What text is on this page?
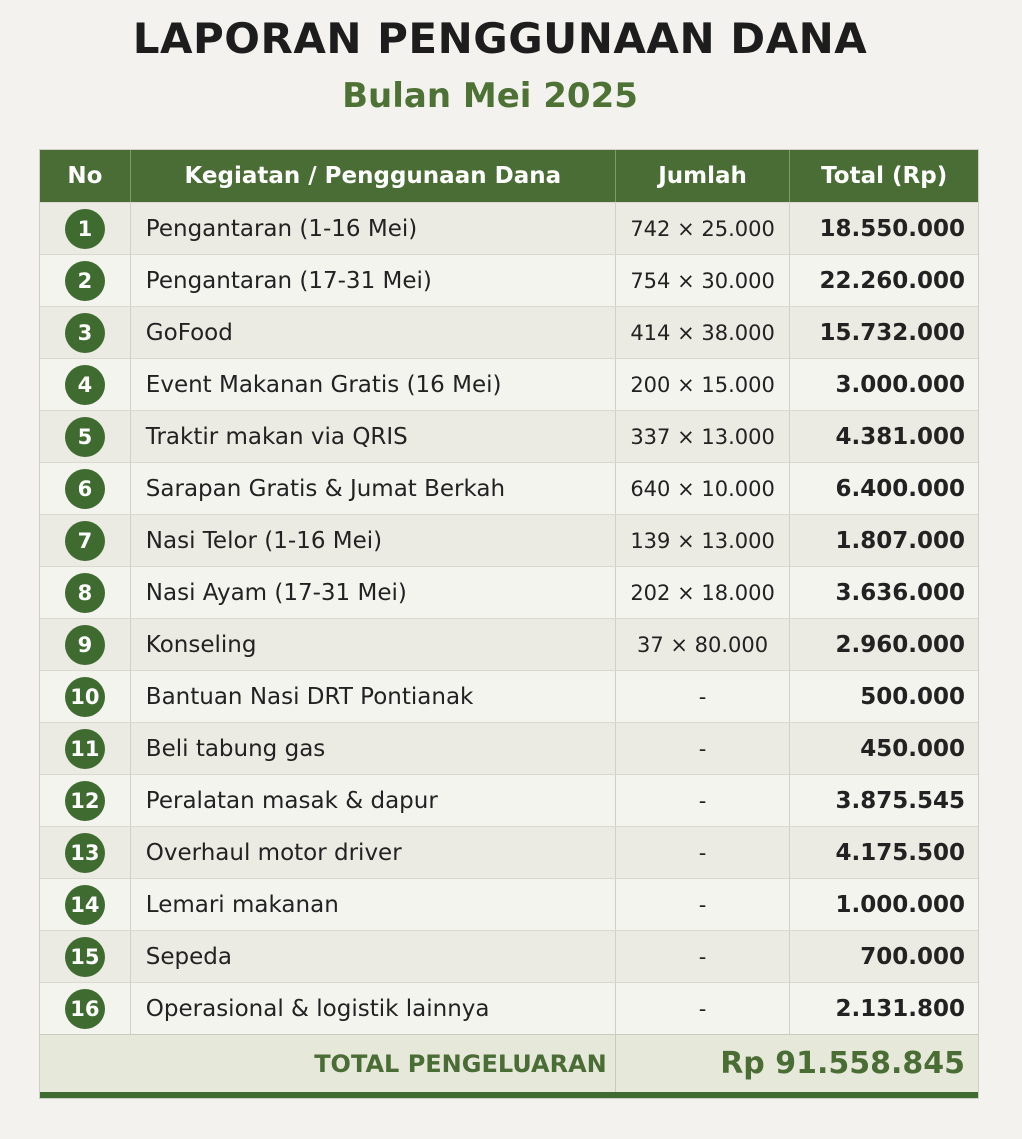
LAPORAN PENGGUNAAN DANA
Bulan Mei 2025
No	Kegiatan / Penggunaan Dana	Jumlah	Total (Rp)
1	Pengantaran (1-16 Mei)	742 × 25.000	18.550.000
2	Pengantaran (17-31 Mei)	754 × 30.000	22.260.000
3	GoFood	414 × 38.000	15.732.000
4	Event Makanan Gratis (16 Mei)	200 × 15.000	3.000.000
5	Traktir makan via QRIS	337 × 13.000	4.381.000
6	Sarapan Gratis & Jumat Berkah	640 × 10.000	6.400.000
7	Nasi Telor (1-16 Mei)	139 × 13.000	1.807.000
8	Nasi Ayam (17-31 Mei)	202 × 18.000	3.636.000
9	Konseling	37 × 80.000	2.960.000
10	Bantuan Nasi DRT Pontianak	-	500.000
11	Beli tabung gas	-	450.000
12	Peralatan masak & dapur	-	3.875.545
13	Overhaul motor driver	-	4.175.500
14	Lemari makanan	-	1.000.000
15	Sepeda	-	700.000
16	Operasional & logistik lainnya	-	2.131.800
TOTAL PENGELUARAN	Rp 91.558.845
